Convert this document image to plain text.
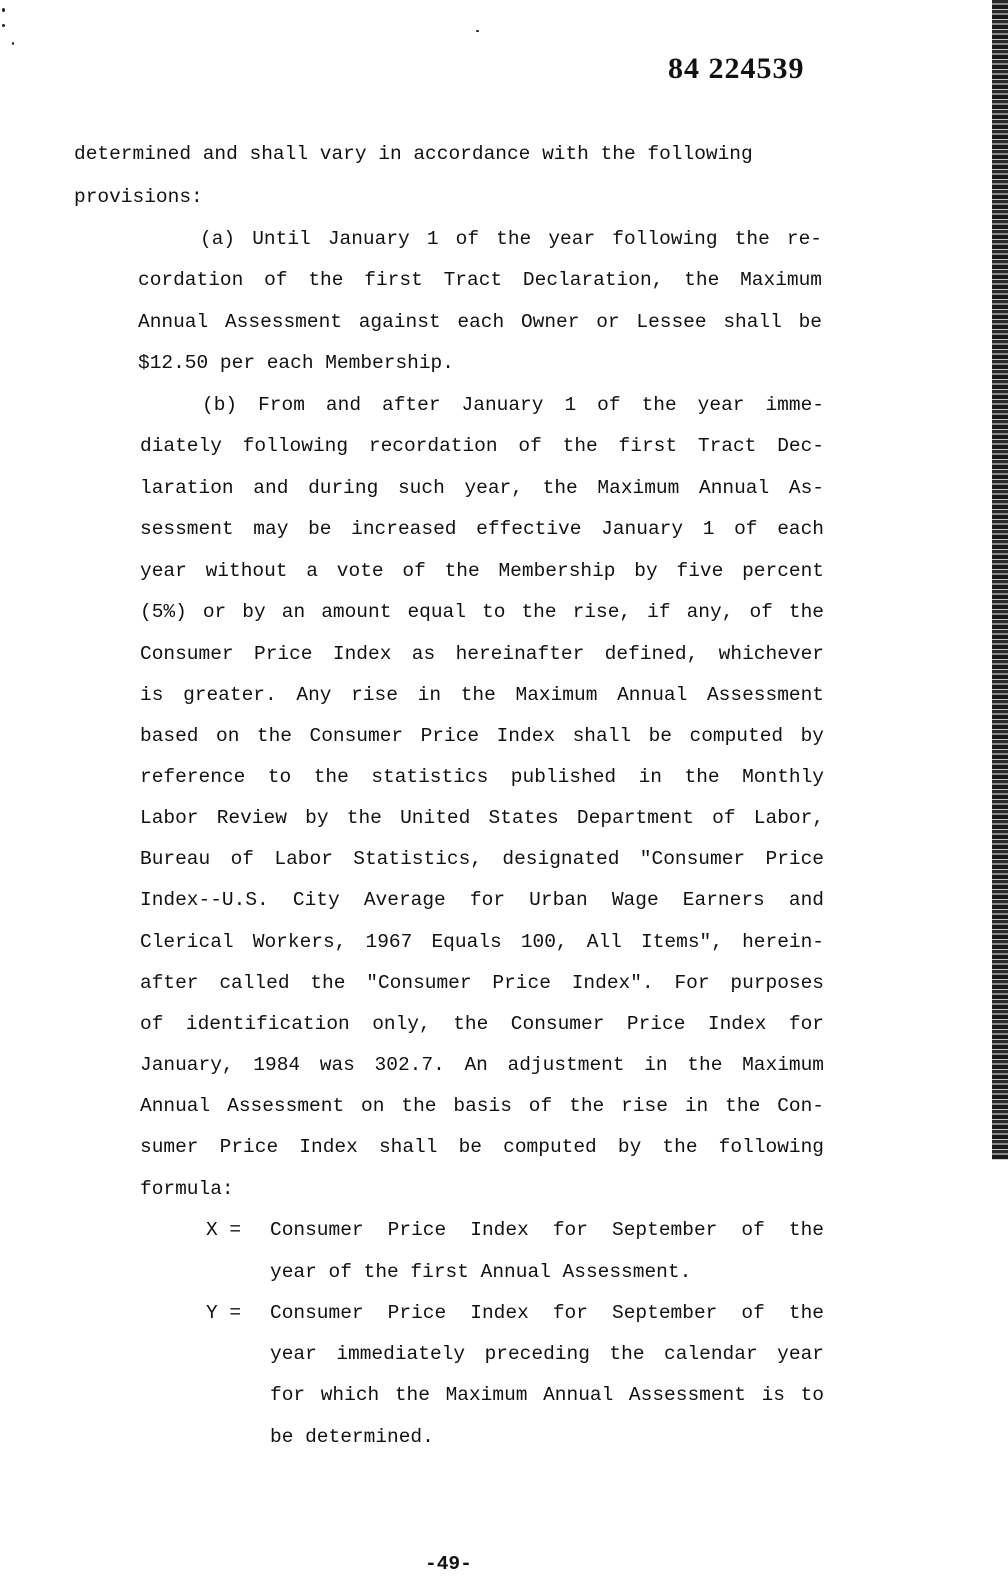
84 224539
determined and shall vary in accordance with the following
provisions:
(a) Until January 1 of the year following the re-
cordation of the first Tract Declaration, the Maximum
Annual Assessment against each Owner or Lessee shall be
$12.50 per each Membership.
(b) From and after January 1 of the year imme-
diately following recordation of the first Tract Dec-
laration and during such year, the Maximum Annual As-
sessment may be increased effective January 1 of each
year without a vote of the Membership by five percent
(5%) or by an amount equal to the rise, if any, of the
Consumer Price Index as hereinafter defined, whichever
is greater. Any rise in the Maximum Annual Assessment
based on the Consumer Price Index shall be computed by
reference to the statistics published in the Monthly
Labor Review by the United States Department of Labor,
Bureau of Labor Statistics, designated "Consumer Price
Index--U.S. City Average for Urban Wage Earners and
Clerical Workers, 1967 Equals 100, All Items", herein-
after called the "Consumer Price Index". For purposes
of identification only, the Consumer Price Index for
January, 1984 was 302.7. An adjustment in the Maximum
Annual Assessment on the basis of the rise in the Con-
sumer Price Index shall be computed by the following
formula:
X = Consumer Price Index for September of the
year of the first Annual Assessment.
Y = Consumer Price Index for September of the
year immediately preceding the calendar year
for which the Maximum Annual Assessment is to
be determined.
-49-
